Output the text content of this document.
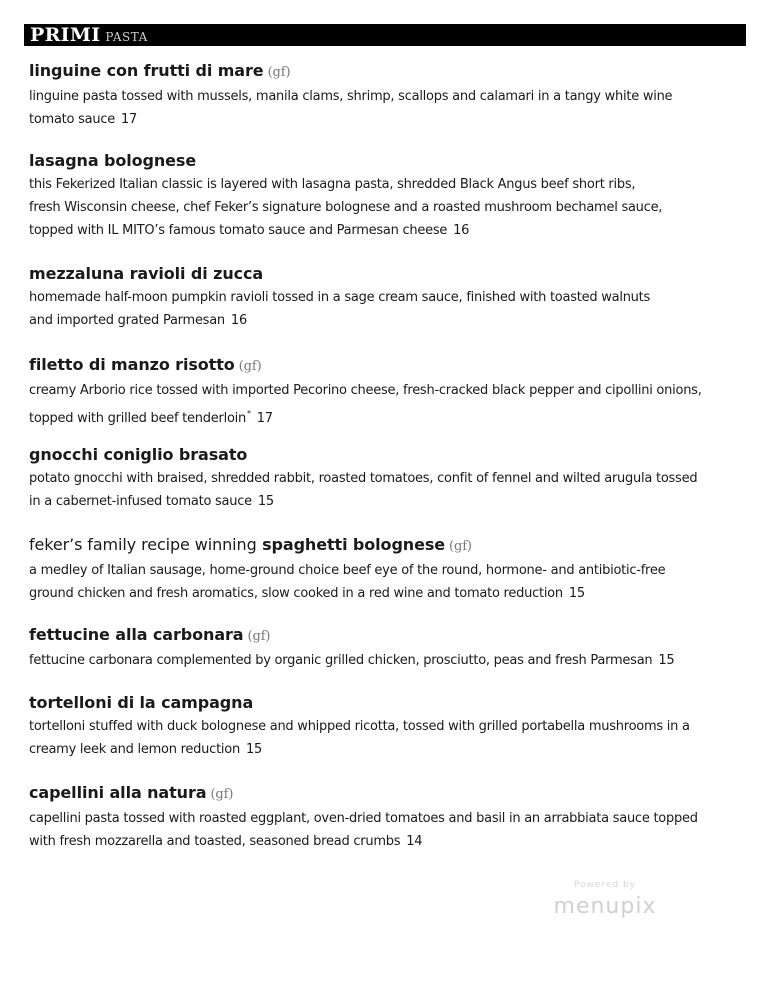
PRIMI PASTA
linguine con frutti di mare (gf)
linguine pasta tossed with mussels, manila clams, shrimp, scallops and calamari in a tangy white wine
tomato sauce 17
lasagna bolognese
this Fekerized Italian classic is layered with lasagna pasta, shredded Black Angus beef short ribs,
fresh Wisconsin cheese, chef Feker’s signature bolognese and a roasted mushroom bechamel sauce,
topped with IL MITO’s famous tomato sauce and Parmesan cheese 16
mezzaluna ravioli di zucca
homemade half-moon pumpkin ravioli tossed in a sage cream sauce, finished with toasted walnuts
and imported grated Parmesan 16
filetto di manzo risotto (gf)
creamy Arborio rice tossed with imported Pecorino cheese, fresh-cracked black pepper and cipollini onions,
topped with grilled beef tenderloin* 17
gnocchi coniglio brasato
potato gnocchi with braised, shredded rabbit, roasted tomatoes, confit of fennel and wilted arugula tossed
in a cabernet-infused tomato sauce 15
feker’s family recipe winning spaghetti bolognese (gf)
a medley of Italian sausage, home-ground choice beef eye of the round, hormone- and antibiotic-free
ground chicken and fresh aromatics, slow cooked in a red wine and tomato reduction 15
fettucine alla carbonara (gf)
fettucine carbonara complemented by organic grilled chicken, prosciutto, peas and fresh Parmesan 15
tortelloni di la campagna
tortelloni stuffed with duck bolognese and whipped ricotta, tossed with grilled portabella mushrooms in a
creamy leek and lemon reduction 15
capellini alla natura (gf)
capellini pasta tossed with roasted eggplant, oven-dried tomatoes and basil in an arrabbiata sauce topped
with fresh mozzarella and toasted, seasoned bread crumbs 14
Powered by
menupix
